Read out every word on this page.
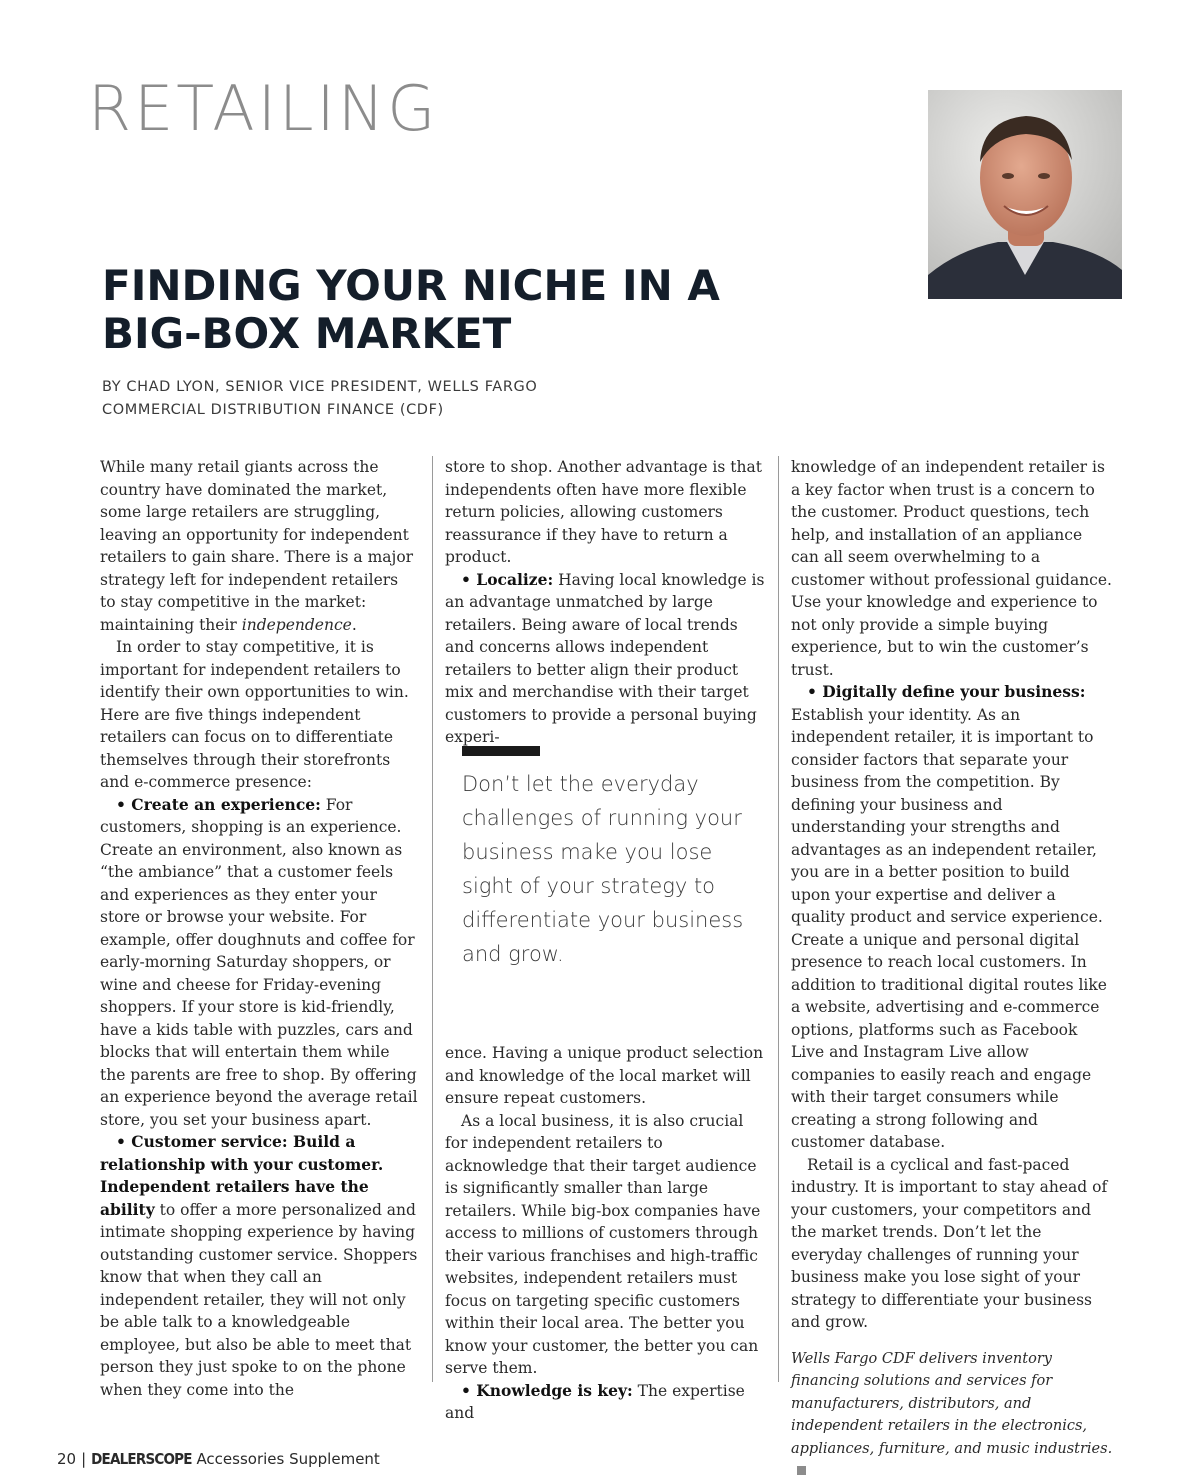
RETAILING
FINDING YOUR NICHE IN A
BIG-BOX MARKET

BY CHAD LYON, SENIOR VICE PRESIDENT, WELLS FARGO
COMMERCIAL DISTRIBUTION FINANCE (CDF)

While many retail giants across the country have dominated the market, some large retailers are struggling, leaving an opportunity for independent retailers to gain share. There is a major strategy left for independent retailers to stay competitive in the market: maintaining their independence.

In order to stay competitive, it is important for independent retailers to identify their own opportunities to win. Here are five things independent retailers can focus on to differentiate themselves through their storefronts and e-commerce presence:

• Create an experience: For customers, shopping is an experience. Create an environment, also known as “the ambiance” that a customer feels and experiences as they enter your store or browse your website. For example, offer doughnuts and coffee for early-morning Saturday shoppers, or wine and cheese for Friday-evening shoppers. If your store is kid-friendly, have a kids table with puzzles, cars and blocks that will entertain them while the parents are free to shop. By offering an experience beyond the average retail store, you set your business apart.

• Customer service: Build a relationship with your customer. Independent retailers have the ability to offer a more personalized and intimate shopping experience by having outstanding customer service. Shoppers know that when they call an independent retailer, they will not only be able talk to a knowledgeable employee, but also be able to meet that person they just spoke to on the phone when they come into the

store to shop. Another advantage is that independents often have more flexible return policies, allowing customers reassurance if they have to return a product.

• Localize: Having local knowledge is an advantage unmatched by large retailers. Being aware of local trends and concerns allows independent retailers to better align their product mix and merchandise with their target customers to provide a personal buying experi-

Don’t let the everyday challenges of running your business make you lose sight of your strategy to differentiate your business and grow.

ence. Having a unique product selection and knowledge of the local market will ensure repeat customers.

As a local business, it is also crucial for independent retailers to acknowledge that their target audience is significantly smaller than large retailers. While big-box companies have access to millions of customers through their various franchises and high-traffic websites, independent retailers must focus on targeting specific customers within their local area. The better you know your customer, the better you can serve them.

• Knowledge is key: The expertise and

knowledge of an independent retailer is a key factor when trust is a concern to the customer. Product questions, tech help, and installation of an appliance can all seem overwhelming to a customer without professional guidance. Use your knowledge and experience to not only provide a simple buying experience, but to win the customer’s trust.

• Digitally define your business: Establish your identity. As an independent retailer, it is important to consider factors that separate your business from the competition. By defining your business and understanding your strengths and advantages as an independent retailer, you are in a better position to build upon your expertise and deliver a quality product and service experience. Create a unique and personal digital presence to reach local customers. In addition to traditional digital routes like a website, advertising and e-commerce options, platforms such as Facebook Live and Instagram Live allow companies to easily reach and engage with their target consumers while creating a strong following and customer database.

Retail is a cyclical and fast-paced industry. It is important to stay ahead of your customers, your competitors and the market trends. Don’t let the everyday challenges of running your business make you lose sight of your strategy to differentiate your business and grow.

Wells Fargo CDF delivers inventory financing solutions and services for manufacturers, distributors, and independent retailers in the electronics, appliances, furniture, and music industries.

20 | DEALERSCOPE Accessories Supplement
